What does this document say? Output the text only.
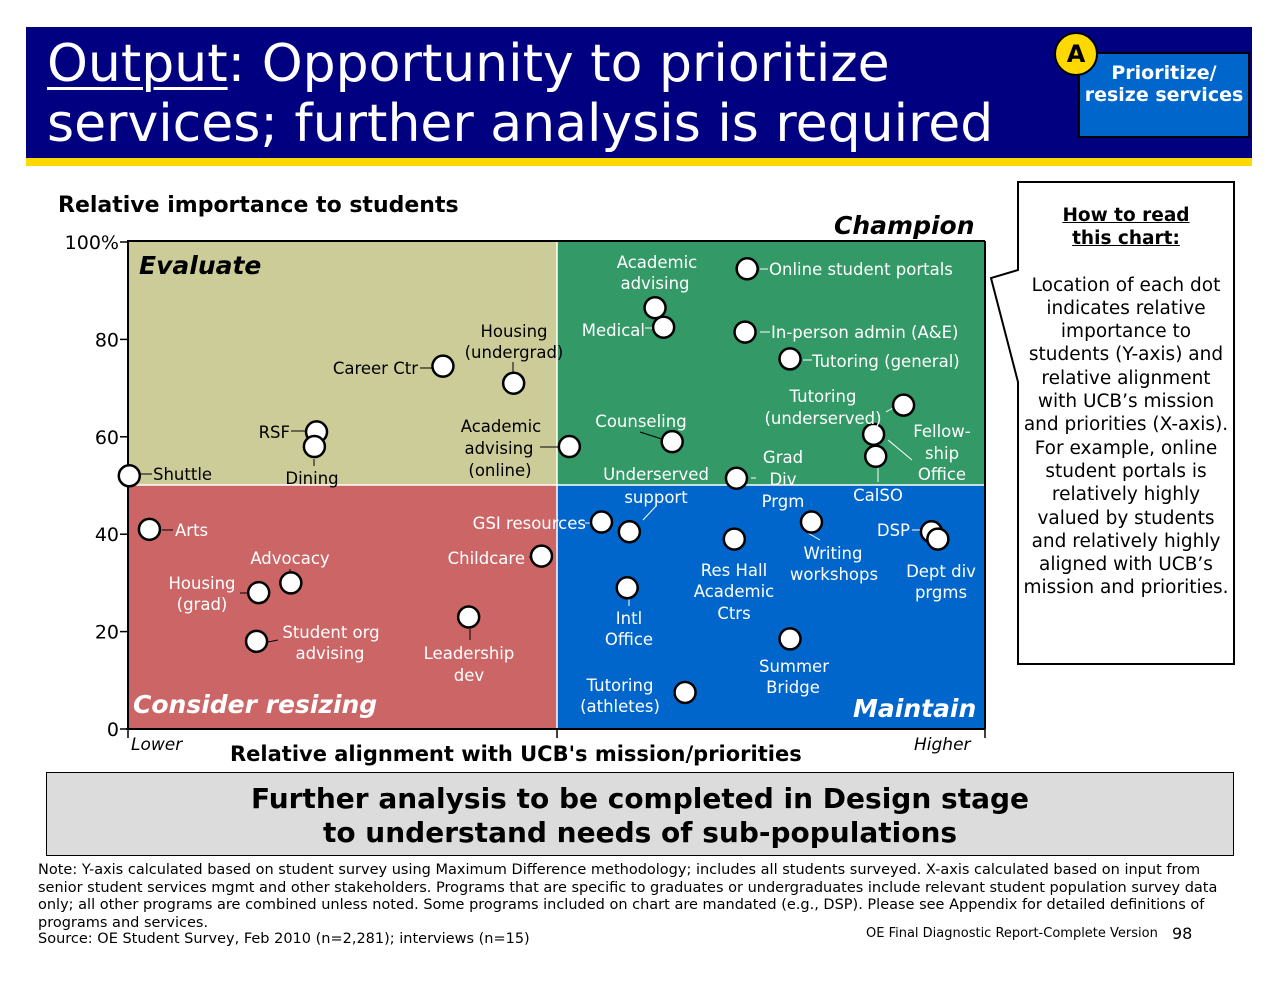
Output: Opportunity to prioritize services; further analysis is required
Prioritize/ resize services
A
0
20
40
60
80
100%
Shuttle
RSF
Dining
Career Ctr
Housing
(undergrad)
Academic
advising
(online)
Arts
Advocacy
Housing
(grad)
Student org
advising
Childcare
Leadership
dev
Academic
advising
Medical
Online student portals
In-person admin (A&E)
Tutoring (general)
Tutoring
(underserved)
Counseling
Fellow-
ship
Office
CalSO
Grad
Div
Prgm
Underserved
support
GSI resources
Intl
Office
Res Hall
Academic
Ctrs
Writing
workshops
DSP
Dept div
prgms
Summer
Bridge
Tutoring
(athletes)
Relative importance to students
Relative alignment with UCB's mission/priorities
Lower	Higher
Evaluate
Champion
Consider resizing	Maintain
How to read
this chart:
Location of each dot indicates relative importance to students (Y-axis) and relative alignment with UCB’s mission and priorities (X-axis). For example, online student portals is relatively highly valued by students and relatively highly aligned with UCB’s mission and priorities.
Further analysis to be completed in Design stage
to understand needs of sub-populations
Note: Y-axis calculated based on student survey using Maximum Difference methodology; includes all students surveyed. X-axis calculated based on input from senior student services mgmt and other stakeholders. Programs that are specific to graduates or undergraduates include relevant student population survey data only; all other programs are combined unless noted. Some programs included on chart are mandated (e.g., DSP). Please see Appendix for detailed definitions of programs and services.
Source: OE Student Survey, Feb 2010 (n=2,281); interviews (n=15)	OE Final Diagnostic Report-Complete Version 98
